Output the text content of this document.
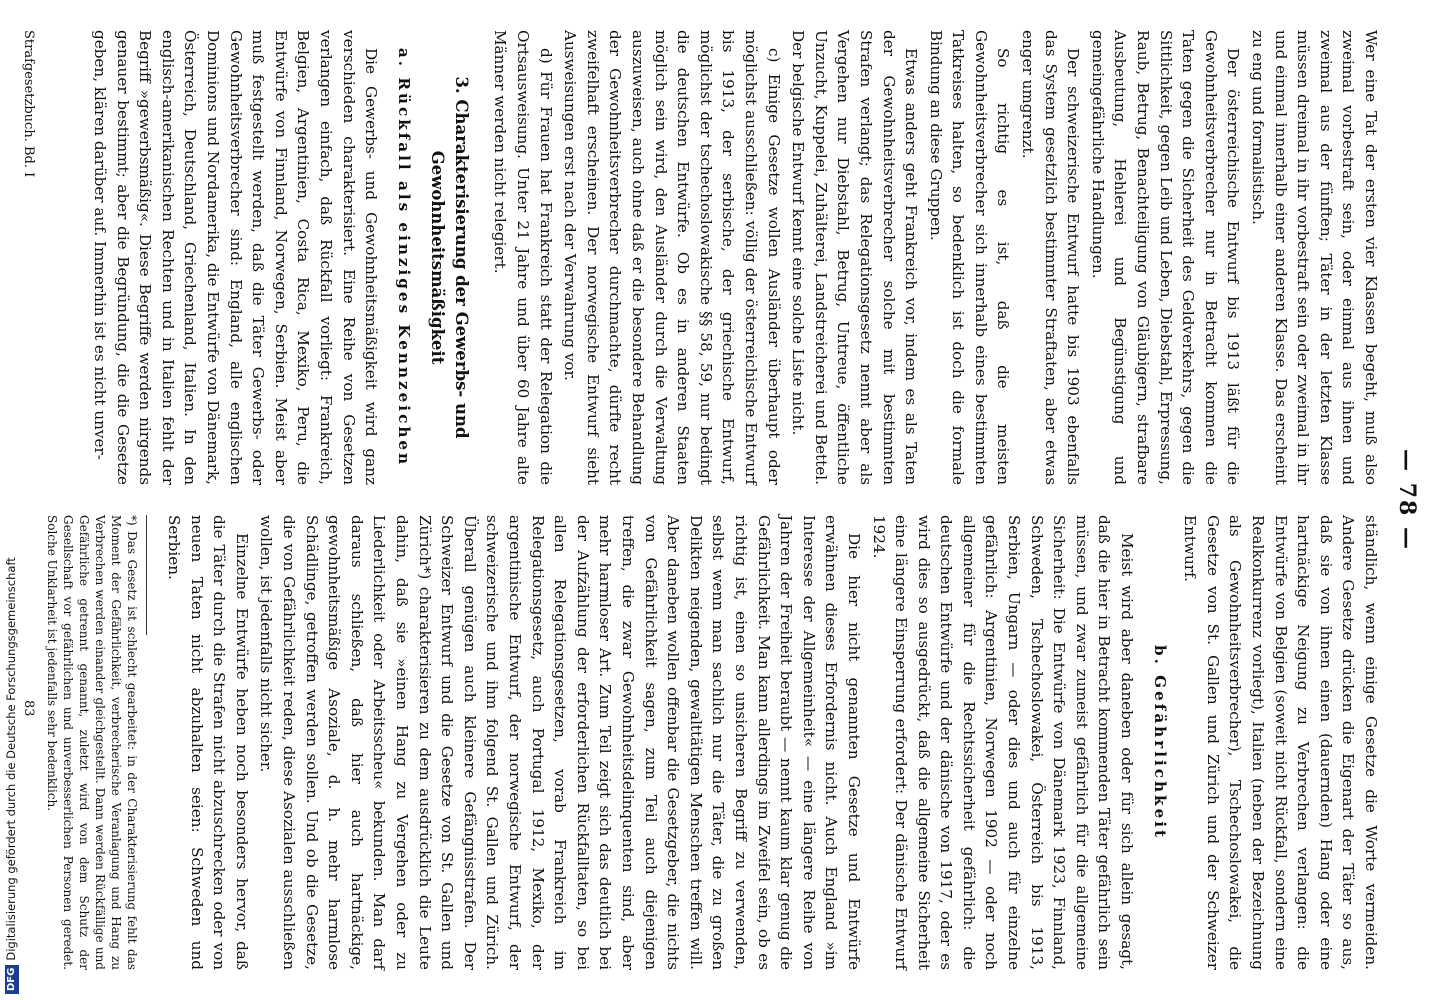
— 78 —

Wer eine Tat der ersten vier Klassen begeht, muß also zweimal vorbestraft sein, oder einmal aus ihnen und zweimal aus der fünften; Täter in der letzten Klasse müssen dreimal in ihr vorbestraft sein oder zweimal in ihr und einmal innerhalb einer anderen Klasse. Das erscheint zu eng und formalistisch.

Der österreichische Entwurf bis 1913 läßt für die Gewohnheitsverbrecher nur in Betracht kommen die Taten gegen die Sicherheit des Geldverkehrs, gegen die Sittlichkeit, gegen Leib und Leben, Diebstahl, Erpressung, Raub, Betrug, Benachteiligung von Gläubigern, strafbare Ausbeutung, Hehlerei und Begünstigung und gemeingefährliche Handlungen.

Der schweizerische Entwurf hatte bis 1903 ebenfalls das System gesetzlich bestimmter Straftaten, aber etwas enger umgrenzt.

So richtig es ist, daß die meisten Gewohnheitsverbrecher sich innerhalb eines bestimmten Tatkreises halten, so bedenklich ist doch die formale Bindung an diese Gruppen.

Etwas anders geht Frankreich vor, indem es als Taten der Gewohnheitsverbrecher solche mit bestimmten Strafen verlangt; das Relegationsgesetz nennt aber als Vergehen nur Diebstahl, Betrug, Untreue, öffentliche Unzucht, Kuppelei, Zuhälterei, Landstreicherei und Bettel. Der belgische Entwurf kennt eine solche Liste nicht.

c) Einige Gesetze wollen Ausländer überhaupt oder möglichst ausschließen: völlig der österreichische Entwurf bis 1913, der serbische, der griechische Entwurf, möglichst der tschechoslowakische §§ 58, 59, nur bedingt die deutschen Entwürfe. Ob es in anderen Staaten möglich sein wird, den Ausländer durch die Verwaltung auszuweisen, auch ohne daß er die besondere Behandlung der Gewohnheitsverbrecher durchmachte, dürfte recht zweifelhaft erscheinen. Der norwegische Entwurf sieht Ausweisungen erst nach der Verwahrung vor.

d) Für Frauen hat Frankreich statt der Relegation die Ortsausweisung. Unter 21 Jahre und über 60 Jahre alte Männer werden nicht relegiert.

3. Charakterisierung der Gewerbs- und Gewohnheitsmäßigkeit
a. Rückfall als einziges Kennzeichen

Die Gewerbs- und Gewohnheitsmäßigkeit wird ganz verschieden charakterisiert. Eine Reihe von Gesetzen verlangen einfach, daß Rückfall vorliegt: Frankreich, Belgien, Argentinien, Costa Rica, Mexiko, Peru, die Entwürfe von Finnland, Norwegen, Serbien. Meist aber muß festgestellt werden, daß die Täter Gewerbs- oder Gewohnheitsverbrecher sind: England, alle englischen Dominions und Nordamerika, die Entwürfe von Dänemark, Österreich, Deutschland, Griechenland, Italien. In den englisch-amerikanischen Rechten und in Italien fehlt der Begriff »gewerbsmäßig«. Diese Begriffe werden nirgends genauer bestimmt; aber die Begründung, die die Gesetze geben, klären darüber auf. Immerhin ist es nicht unver-

ständlich, wenn einige Gesetze die Worte vermeiden. Andere Gesetze drücken die Eigenart der Täter so aus, daß sie von ihnen einen (dauernden) Hang oder eine hartnäckige Neigung zu Verbrechen verlangen: die Entwürfe von Belgien (soweit nicht Rückfall, sondern eine Realkonkurrenz vorliegt), Italien (neben der Bezeichnung als Gewohnheitsverbrecher), Tschechoslowakei, die Gesetze von St. Gallen und Zürich und der Schweizer Entwurf.

b. Gefährlichkeit

Meist wird aber daneben oder für sich allein gesagt, daß die hier in Betracht kommenden Täter gefährlich sein müssen, und zwar zumeist gefährlich für die allgemeine Sicherheit: Die Entwürfe von Dänemark 1923, Finnland, Schweden, Tschechoslowakei, Österreich bis 1913, Serbien, Ungarn — oder dies und auch für einzelne gefährlich: Argentinien, Norwegen 1902 — oder noch allgemeiner für die Rechtssicherheit gefährlich: die deutschen Entwürfe und der dänische von 1917, oder es wird dies so ausgedrückt, daß die allgemeine Sicherheit eine längere Einsperrung erfordert: Der dänische Entwurf 1924.

Die hier nicht genannten Gesetze und Entwürfe erwähnen dieses Erfordernis nicht. Auch England »im Interesse der Allgemeinheit« — eine längere Reihe von Jahren der Freiheit beraubt — nennt kaum klar genug die Gefährlichkeit. Man kann allerdings im Zweifel sein, ob es richtig ist, einen so unsicheren Begriff zu verwenden, selbst wenn man sachlich nur die Täter, die zu großen Delikten neigenden, gewalttätigen Menschen treffen will. Aber daneben wollen offenbar die Gesetzgeber, die nichts von Gefährlichkeit sagen, zum Teil auch diejenigen treffen, die zwar Gewohnheitsdelinquenten sind, aber mehr harmloser Art. Zum Teil zeigt sich das deutlich bei der Aufzählung der erforderlichen Rückfalltaten, so bei allen Relegationsgesetzen, vorab Frankreich im Relegationsgesetz, auch Portugal 1912, Mexiko, der argentinische Entwurf, der norwegische Entwurf, der schweizerische und ihm folgend St. Gallen und Zürich. Überall genügen auch kleinere Gefängnisstrafen. Der Schweizer Entwurf und die Gesetze von St. Gallen und Zürich*) charakterisieren zu dem ausdrücklich die Leute dahin, daß sie »einen Hang zu Vergehen oder zu Liederlichkeit oder Arbeitsscheu« bekunden. Man darf daraus schließen, daß hier auch hartnäckige, gewohnheitsmäßige Asoziale, d. h. mehr harmlose Schädlinge, getroffen werden sollen. Und ob die Gesetze, die von Gefährlichkeit reden, diese Asozialen ausschließen wollen, ist jedenfalls nicht sicher.

Einzelne Entwürfe heben noch besonders hervor, daß die Täter durch die Strafen nicht abzuschrecken oder von neuen Taten nicht abzuhalten seien: Schweden und Serbien.

*) Das Gesetz ist schlecht gearbeitet: in der Charakterisierung fehlt das Moment der Gefährlichkeit, verbrecherische Veranlagung und Hang zu Verbrechen werden einander gleichgestellt. Dann werden Rückfällige und Gefährliche getrennt genannt, zuletzt wird von dem Schutz der Gesellschaft vor gefährlichen und unverbesserlichen Personen geredet. Solche Unklarheit ist jedenfalls sehr bedenklich.
Strafgesetzbuch. Bd. I
83
DFGDigitalisierung gefördert durch die Deutsche Forschungsgemeinschaft
